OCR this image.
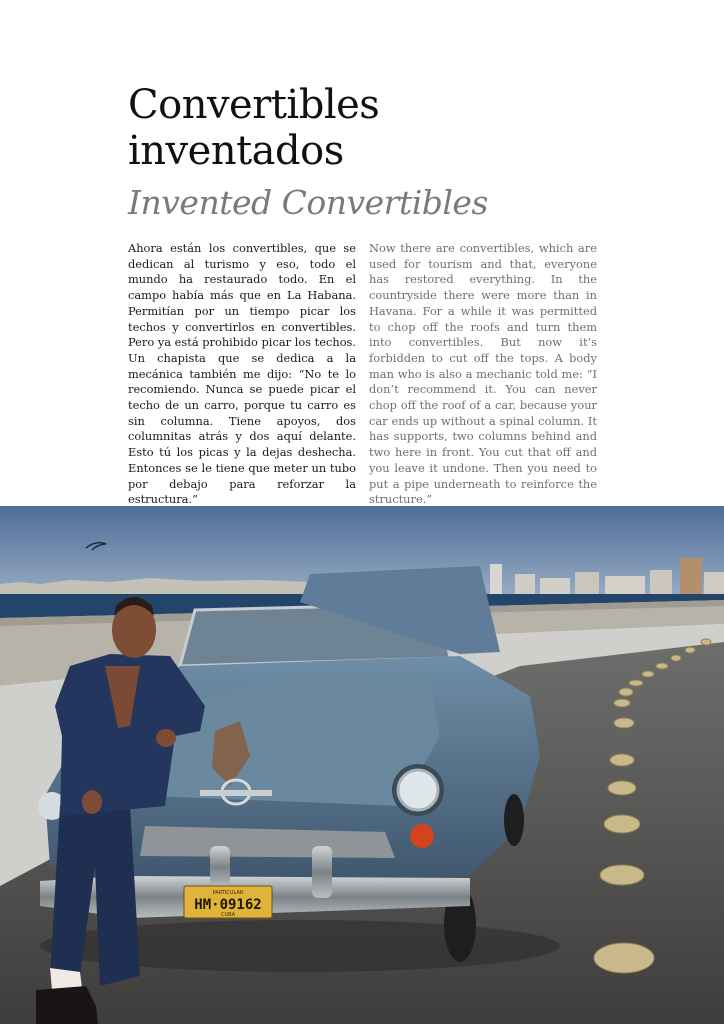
Convertibles
inventados
Invented Convertibles
Ahora están los convertibles, que se dedican al turismo y eso, todo el mundo ha restaurado todo. En el campo había más que en La Habana. Permitían por un tiempo picar los techos y convertirlos en convertibles. Pero ya está prohibido picar los techos. Un chapista que se dedica a la mecánica también me dijo: “No te lo recomiendo. Nunca se puede picar el techo de un carro, porque tu carro es sin columna. Tiene apoyos, dos columnitas atrás y dos aquí delante. Esto tú los picas y la dejas deshecha. Entonces se le tiene que meter un tubo por debajo para reforzar la estructura.”
Now there are convertibles, which are used for tourism and that, everyone has restored everything. In the countryside there were more than in Havana. For a while it was permitted to chop off the roofs and turn them into convertibles. But now it’s forbidden to cut off the tops. A body man who is also a mechanic told me: “I don’t recommend it. You can never chop off the roof of a car, because your car ends up without a spinal column. It has supports, two columns behind and two here in front. You cut that off and you leave it undone. Then you need to put a pipe underneath to reinforce the structure.”
PARTICULAR
HM·09162
CUBA
